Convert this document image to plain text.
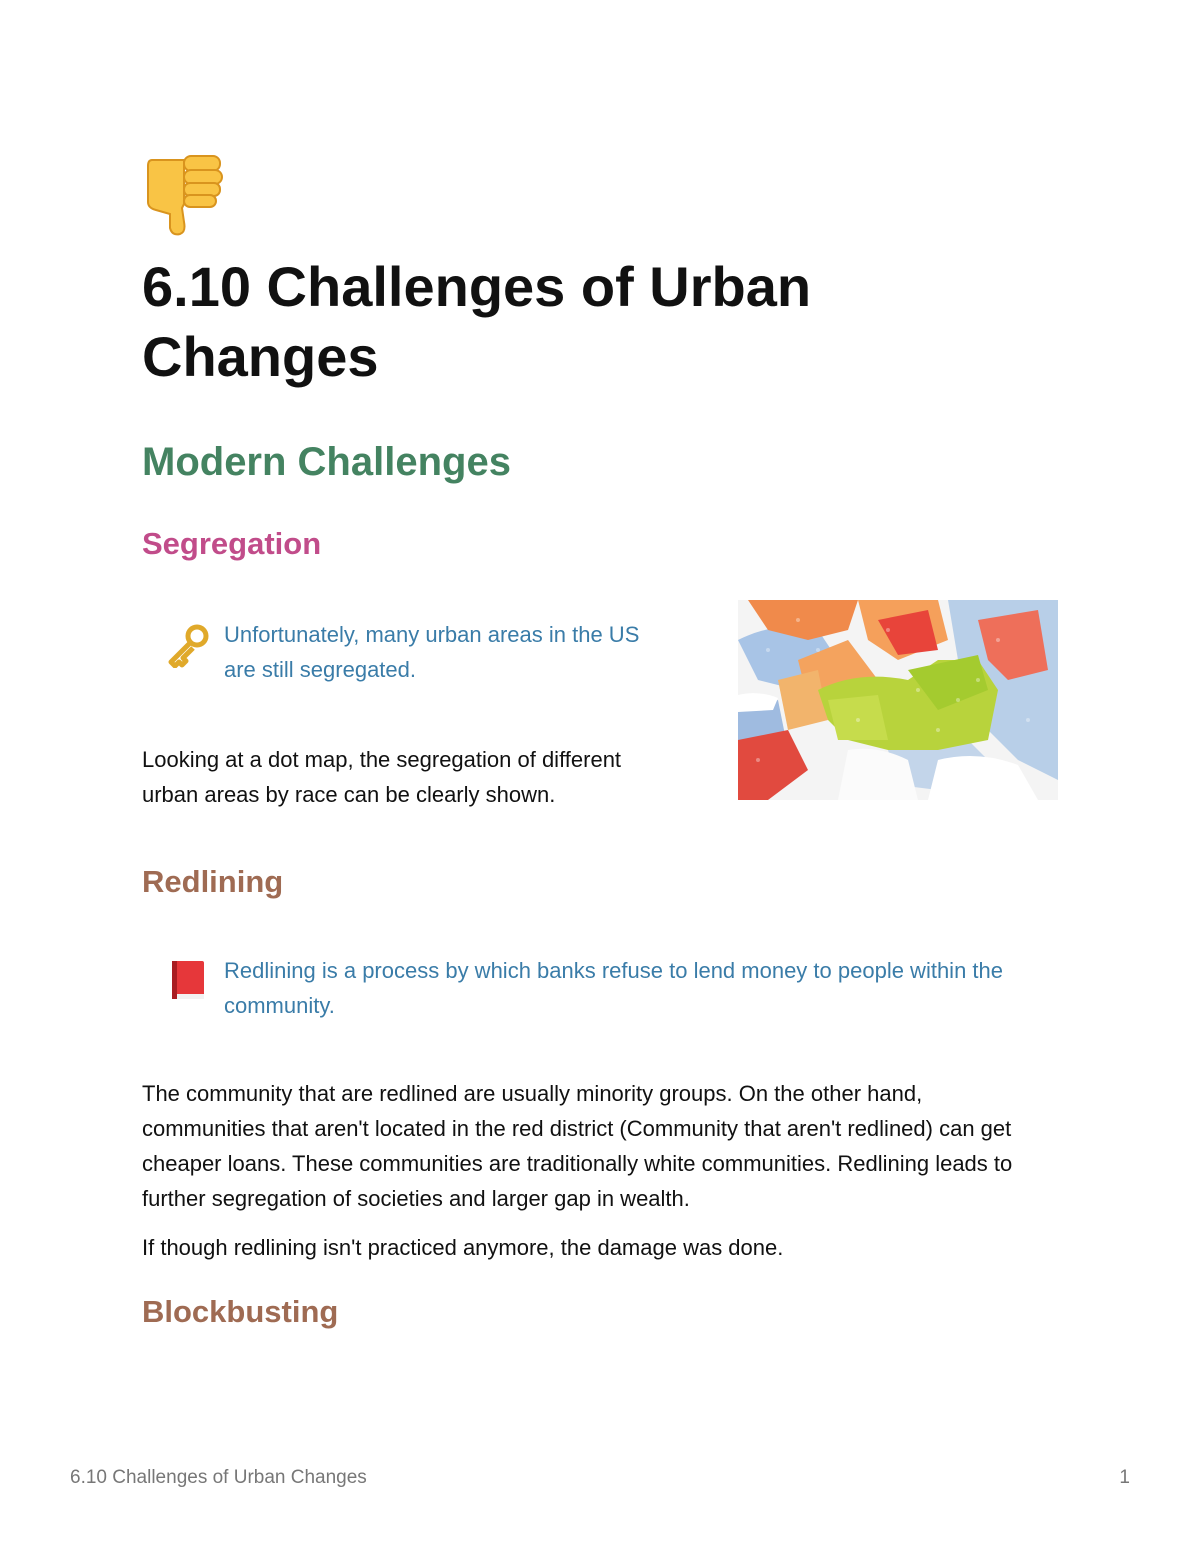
6.10 Challenges of Urban Changes
Modern Challenges
Segregation

Unfortunately, many urban areas in the US are still segregated.

Looking at a dot map, the segregation of different urban areas by race can be clearly shown.

Redlining

Redlining is a process by which banks refuse to lend money to people within the community.

The community that are redlined are usually minority groups. On the other hand, communities that aren't located in the red district (Community that aren't redlined) can get cheaper loans. These communities are traditionally white communities. Redlining leads to further segregation of societies and larger gap in wealth.

If though redlining isn't practiced anymore, the damage was done.

Blockbusting
6.10 Challenges of Urban Changes	1
